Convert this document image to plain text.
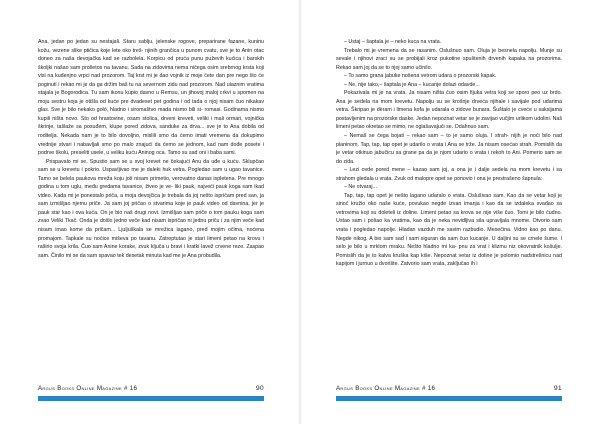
Ana, jedan po jedan su nestajali. Staru sablju, jelenske rogove, preparirane fazane, kuninu kožu, vezene slike ptičica koje lete oko treš- njinih grančica u punom cvatu, sve je to Anin otac donео za naša devojačka kad se razbolela. Korpicu od pruća punu puževih kućica i barskih školjki našao sam prošetos na tavanu. Sada na zidovima nema ničega osim srebrnog krsta koji visi na kuđenjno vrpci nad prozorom. Taj krst mi je dao vojnik iz moje čete dan pre nego što će poginuti i rekao mi je da ga držim baš tu na severnom zidu nad prozorom. Nad ulaznim vratima stajala je Bogorodica. Tu sam ikonu kupio davno u Remsu, un jihovoj maloj crkvi u spomen na moju sestru koja je otišla od kuće pre dvadeset pet godina i od tada o njoj nisam čuo nikakav glas. Sve je bilo nekako gołó, hladno i siromaštvo mada nismo bili si- romasi. Godinama nismo kupili ništa novo. Sto od hrastovine, osam stolica, drveni kreveti, veliki i mali ormari, vojnička škrinje, tašlaže sa posuđem, klupe pored zidova, sanduke za drva... sve je to Ana dobila od roditelja. Nekada nam je to bilo dovoljno, mislili smo da ćemo imati vremena da dokupimo vredniје stvari i nabavljali smo po malo znajući da ćemo se jednom, kad nam dođe posete i podrve školu, preseliti usele, u veliku kuću Aninog oca. Tamo su sad oni i baba sami.

Prispavalo mi se. Spustio sam se u svoj krevet ne čekajući Anu da uđe u kuću. Sklupčao sam se u krevetu i pokrio. Uspavljivao me je daleki huk vetra. Pogledao sam u ugao tavanice. Tamo se belela paukova mreža koju još nisam primetio, verovatno danas ispletena. Pre mnogo godina u tom uglu, među gredama tavanice, živeo je ve- liki pauk, najveći pauk koga sam ikad video. Kada mi je ponestalo priča, a moja devojčica je trebala da joj nešto ispričam pred san, ja sam izmišljao njemu priče. Ja sam joj pričao o stvarima koje je pauk video od davnina, jer je pauk star kao i ova kuća. On je bio naš drugi novi. Izmišljao sam priče o tom pauku koga sam zvao Veliki Tkač. Onda je došlo jedno veče kad nisam ispričao ni jednu priču i za njim veče kad nisam imao kome da pričam... Ljuljuškala se mrežica lagano, pred mojim očima, noćena promajom. Tapkale su noćice miševa po tavanu. Zatreptutao je stari limeni petao na krovu i raširio svoja krila. Čuo sam Anine korake, zvuk ključa u bravi i kratki lavež crvene reze. Zaspao sam. Činilo mi se da sam spavao tek desetak minuta kad me je Ana probudila.

Argus Books Online Magazine # 16	90

– Ustaj – šaptala je – neko kuca na vrata.

Trebalo mi je vremena da se rasanim. Oslušnuo sam. Oluja je besnela napolju. Munje su sevale i njihovi zraci su se probijali kroz pukotine spuštenih drvenih kapaka na prozorima. Rekao sam joj da se to njoj samo učinilo.

– To samo grana jabuke nošena vetrom udara o prozorski kapak.

– Ne, nije tako,– šaptala je Ana – kucanje dolazi odavde...

Pokazivala mi je na vrata. Ja nisam ništa čuo osim fijuka vetra koji se sporo peo uz brdo. Ana je sedela na mom krevetu. Napolju su se krošnje drveća njihale i savijale pod udarima vetra. Škripao je dèram i limena kofa je udarala o zidove bunara. Šuštalo je cveće u saksijama postavljenim na prozorske daske. Jedan nepoznat vetar se je zavijao vučjim urlikom udolini. Naš limeni petao okretao se mimo, ne oglašavajući se. Odahnuo sam.

– Nemaš se čega bojati – rekao sam – to je samo oluja. I strah- nijih je noći bilo nad planinom. Tap, tap, tap opet je udarilo o vrata i Ana se trže. Ja nisam osećao strah. Pomislih da je vetar otkinuo jabučicu sa grane pa da je njom udario o vrata i rekoh to Ani. Pomerio sam se do zida.

– Lezi ovde pored mene – kazao sam joj, a ona je i dalje sedela na mom krevetu i sa strahom gledala u vrata. Zvuk od malopre opet se ponovio i ona je prestrašeno šapnula:

– Ne otvaraj...

Tap, tap, tap opet je nešto lagano udaralo o vrata. Oslušivao sam. Kao da se vetar koji je sinoć kružio oko naše kuće, povukao negde izvan imanja i kao da se izdaleka svađao sa vetrovima koji su doleteli iz doline. Limeni petao sa krova se nije više čuo. Tomi je bilo čudno. Ustao sam i pošao ka vratima, kao da je neka nevidljiva sila upravljala mnome. Otvorio sam vrata i pogledao napolje. Hladan vazduh me savim razbudio. Mesečina. Vidno kao po danu. Negde nikog. A bio sam sad i sam siguran da sam čuo kucanje. U daljini su se crnele šume. I selo je bilo u mrklom mraku. Nešto hladno mi ka- pnu za vrat i klizmu niz okovratnik košulje. Pomislih da je to kalva kruška kap kiše. Nepoznat vetar iz doline je polomio nadstrešnicu nad kapijom i jurnuo u dvorište. Zatvorio sam vrata, zaključao ih i

Argus Books Online Magazine # 16	91
